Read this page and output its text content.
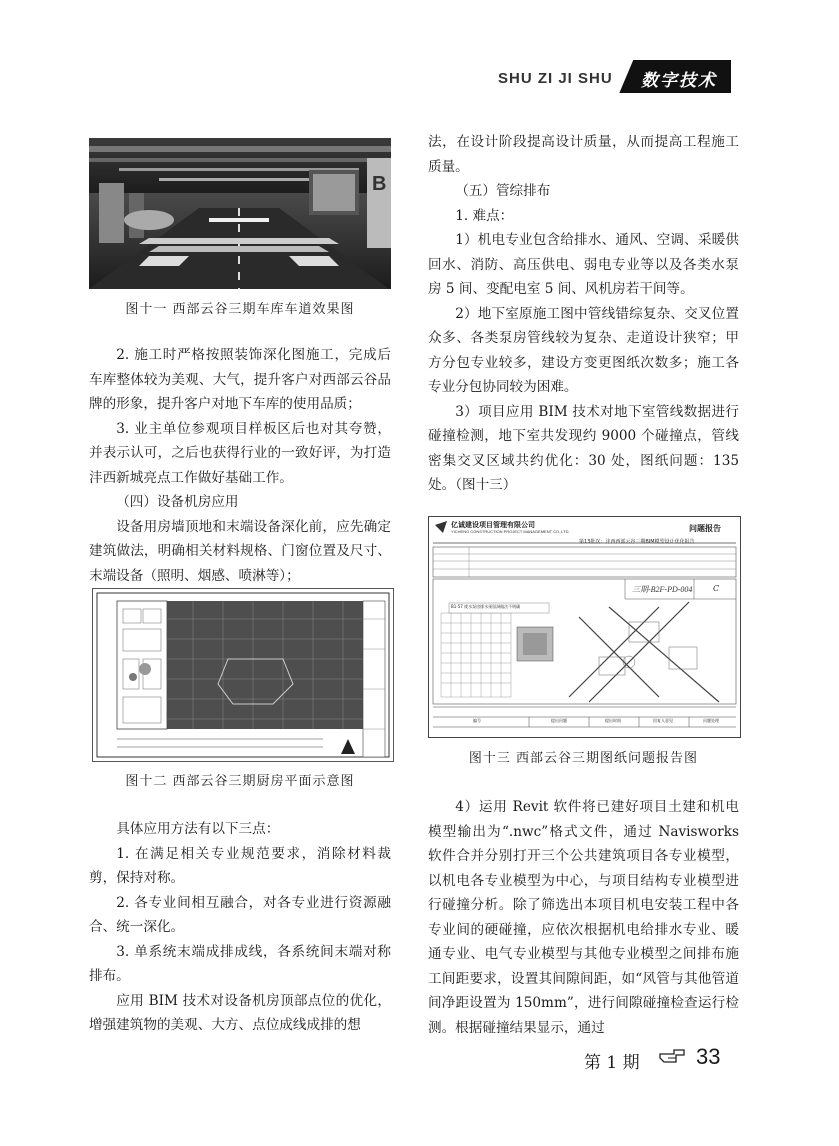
SHU ZI JI SHU 数字技术
B
图十一 西部云谷三期车库车道效果图

2. 施工时严格按照装饰深化图施工，完成后车库整体较为美观、大气，提升客户对西部云谷品牌的形象，提升客户对地下车库的使用品质；

3. 业主单位参观项目样板区后也对其夸赞，并表示认可，之后也获得行业的一致好评，为打造沣西新城亮点工作做好基础工作。

（四）设备机房应用

设备用房墙顶地和末端设备深化前，应先确定建筑做法，明确相关材料规格、门窗位置及尺寸、末端设备（照明、烟感、喷淋等）；

图十二 西部云谷三期厨房平面示意图

具体应用方法有以下三点：

1. 在满足相关专业规范要求，消除材料裁剪，保持对称。

2. 各专业间相互融合，对各专业进行资源融合、统一深化。

3. 单系统末端成排成线，各系统间末端对称排布。

应用 BIM 技术对设备机房顶部点位的优化，增强建筑物的美观、大方、点位成线成排的想

法，在设计阶段提高设计质量，从而提高工程施工质量。

（五）管综排布

1. 难点：

1）机电专业包含给排水、通风、空调、采暖供回水、消防、高压供电、弱电专业等以及各类水泵房 5 间、变配电室 5 间、风机房若干间等。

2）地下室原施工图中管线错综复杂、交叉位置众多、各类泵房管线较为复杂、走道设计狭窄；甲方分包专业较多，建设方变更图纸次数多；施工各专业分包协同较为困难。

3）项目应用 BIM 技术对地下室管线数据进行碰撞检测，地下室共发现约 9000 个碰撞点，管线密集交叉区域共约优化：30 处，图纸问题：135 处。（图十三）

亿诚建设项目管理有限公司
YICHENG CONSTRUCTION PROJECT MANAGEMENT CO.,LTD.	问题报告
第13批次：沣西西部云谷三期BIM模型设计优化报告
三期-B2F-PD-004	C
B1-57 废水泵房排水预留洞做法不明确
编号	提出问题	提出时间	回复人意见	问题处理
图十三 西部云谷三期图纸问题报告图

4）运用 Revit 软件将已建好项目土建和机电模型输出为“.nwc”格式文件，通过 Navisworks 软件合并分别打开三个公共建筑项目各专业模型，以机电各专业模型为中心，与项目结构专业模型进行碰撞分析。除了筛选出本项目机电安装工程中各专业间的硬碰撞，应依次根据机电给排水专业、暖通专业、电气专业模型与其他专业模型之间排布施工间距要求，设置其间隙间距，如“风管与其他管道间净距设置为 150mm”，进行间隙碰撞检查运行检测。根据碰撞结果显示，通过

第 1 期	33
